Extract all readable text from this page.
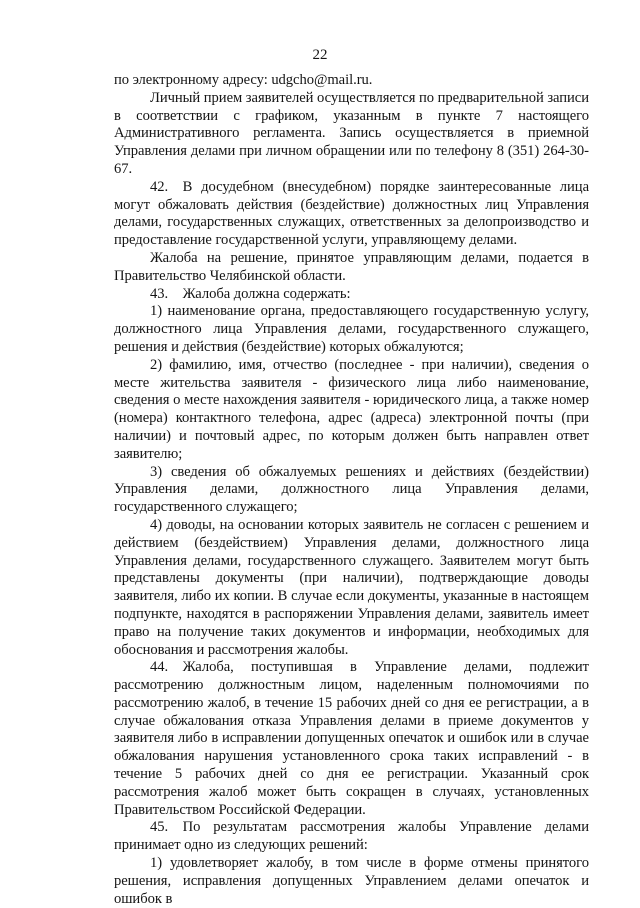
22

по электронному адресу: udgcho@mail.ru.

Личный прием заявителей осуществляется по предварительной записи в соответствии с графиком, указанным в пункте 7 настоящего Административного регламента. Запись осуществляется в приемной Управления делами при личном обращении или по телефону 8 (351) 264-30-67.

42. В досудебном (внесудебном) порядке заинтересованные лица могут обжаловать действия (бездействие) должностных лиц Управления делами, государственных служащих, ответственных за делопроизводство и предоставление государственной услуги, управляющему делами.

Жалоба на решение, принятое управляющим делами, подается в Правительство Челябинской области.

43. Жалоба должна содержать:

1) наименование органа, предоставляющего государственную услугу, должностного лица Управления делами, государственного служащего, решения и действия (бездействие) которых обжалуются;

2) фамилию, имя, отчество (последнее - при наличии), сведения о месте жительства заявителя - физического лица либо наименование, сведения о месте нахождения заявителя - юридического лица, а также номер (номера) контактного телефона, адрес (адреса) электронной почты (при наличии) и почтовый адрес, по которым должен быть направлен ответ заявителю;

3) сведения об обжалуемых решениях и действиях (бездействии) Управления делами, должностного лица Управления делами, государственного служащего;

4) доводы, на основании которых заявитель не согласен с решением и действием (бездействием) Управления делами, должностного лица Управления делами, государственного служащего. Заявителем могут быть представлены документы (при наличии), подтверждающие доводы заявителя, либо их копии. В случае если документы, указанные в настоящем подпункте, находятся в распоряжении Управления делами, заявитель имеет право на получение таких документов и информации, необходимых для обоснования и рассмотрения жалобы.

44. Жалоба, поступившая в Управление делами, подлежит рассмотрению должностным лицом, наделенным полномочиями по рассмотрению жалоб, в течение 15 рабочих дней со дня ее регистрации, а в случае обжалования отказа Управления делами в приеме документов у заявителя либо в исправлении допущенных опечаток и ошибок или в случае обжалования нарушения установленного срока таких исправлений - в течение 5 рабочих дней со дня ее регистрации. Указанный срок рассмотрения жалоб может быть сокращен в случаях, установленных Правительством Российской Федерации.

45. По результатам рассмотрения жалобы Управление делами принимает одно из следующих решений:

1) удовлетворяет жалобу, в том числе в форме отмены принятого решения, исправления допущенных Управлением делами опечаток и ошибок в
